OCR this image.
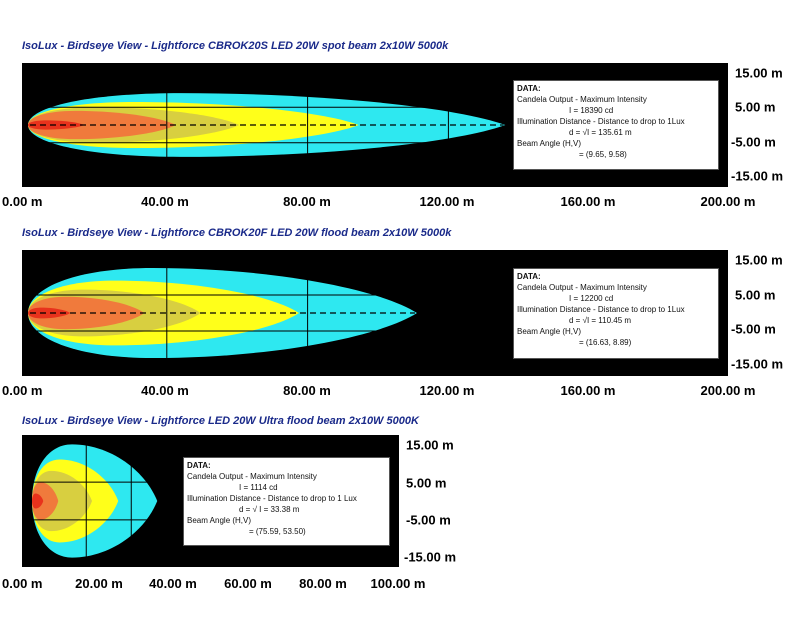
IsoLux - Birdseye View - Lightforce CBROK20S LED 20W spot beam 2x10W 5000k
DATA:
Candela Output - Maximum Intensity
I = 18390 cd
Illumination Distance - Distance to drop to 1Lux
d = √I = 135.61 m
Beam Angle (H,V)
= (9.65, 9.58)
15.00 m
5.00 m
-5.00 m
-15.00 m
0.00 m	40.00 m	80.00 m	120.00 m	160.00 m	200.00 m
IsoLux - Birdseye View - Lightforce CBROK20F LED 20W flood beam 2x10W 5000k
DATA:
Candela Output - Maximum Intensity
I = 12200 cd
Illumination Distance - Distance to drop to 1Lux
d = √I = 110.45 m
Beam Angle (H,V)
= (16.63, 8.89)
15.00 m
5.00 m
-5.00 m
-15.00 m
0.00 m	40.00 m	80.00 m	120.00 m	160.00 m	200.00 m
IsoLux - Birdseye View - Lightforce LED 20W Ultra flood beam 2x10W 5000K
DATA:
Candela Output - Maximum Intensity
I = 1114 cd
Illumination Distance - Distance to drop to 1 Lux
d = √ I = 33.38 m
Beam Angle (H,V)
= (75.59, 53.50)
15.00 m
5.00 m
-5.00 m
-15.00 m
0.00 m	20.00 m 40.00 m 60.00 m 80.00 m 100.00 m
